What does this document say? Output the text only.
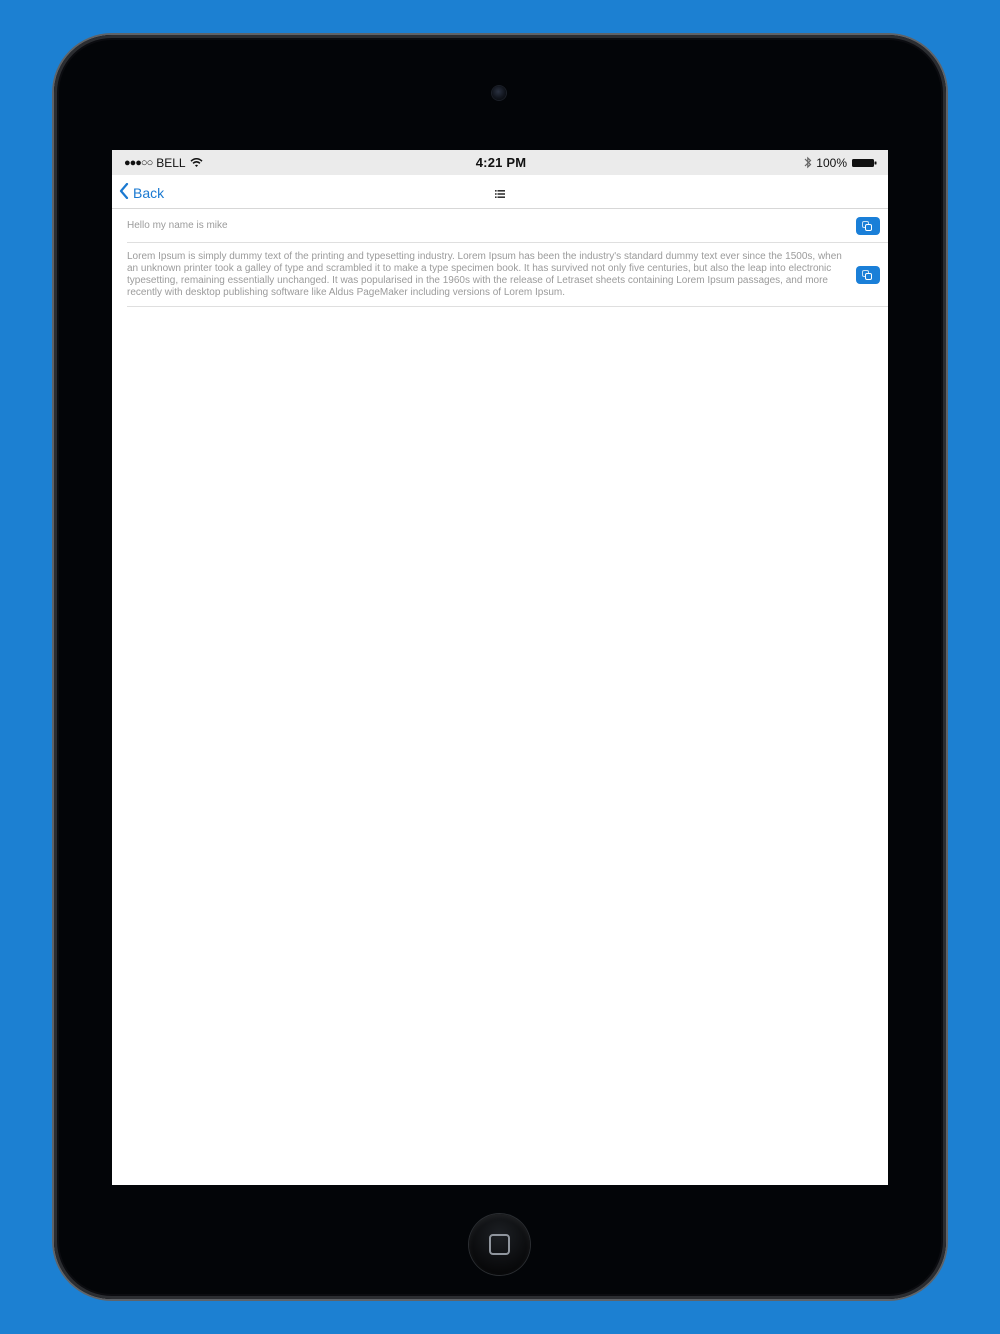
●●●○○ BELL	4:21 PM	100%
Back
Hello my name is mike
Lorem Ipsum is simply dummy text of the printing and typesetting industry. Lorem Ipsum has been the industry's standard dummy text ever since the 1500s, when an unknown printer took a galley of type and scrambled it to make a type specimen book. It has survived not only five centuries, but also the leap into electronic typesetting, remaining essentially unchanged. It was popularised in the 1960s with the release of Letraset sheets containing Lorem Ipsum passages, and more recently with desktop publishing software like Aldus PageMaker including versions of Lorem Ipsum.
